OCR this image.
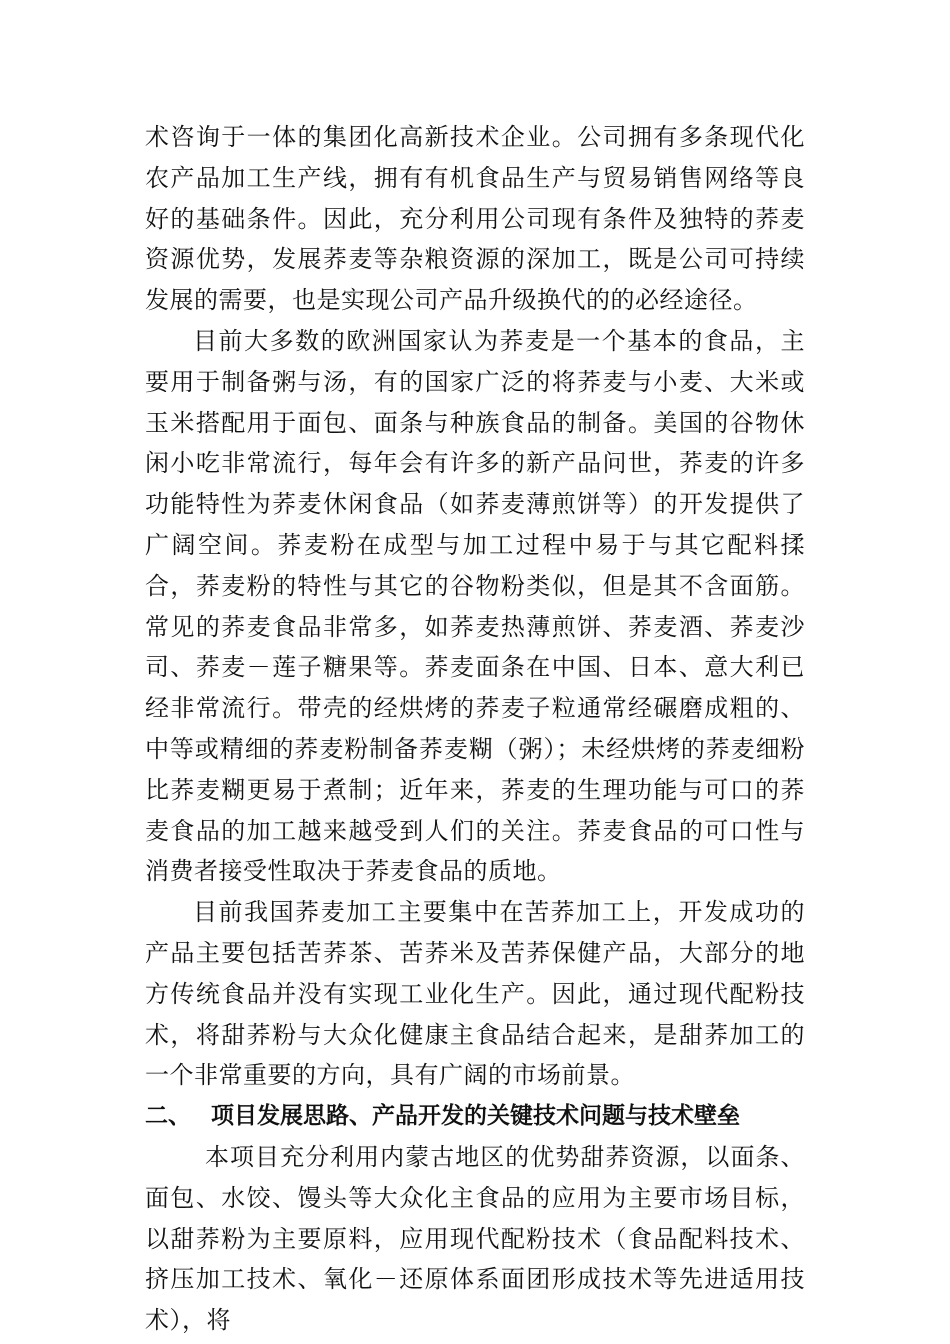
术咨询于一体的集团化高新技术企业。公司拥有多条现代化农产品加工生产线，拥有有机食品生产与贸易销售网络等良好的基础条件。因此，充分利用公司现有条件及独特的荞麦资源优势，发展荞麦等杂粮资源的深加工，既是公司可持续发展的需要，也是实现公司产品升级换代的的必经途径。

目前大多数的欧洲国家认为荞麦是一个基本的食品，主要用于制备粥与汤，有的国家广泛的将荞麦与小麦、大米或玉米搭配用于面包、面条与种族食品的制备。美国的谷物休闲小吃非常流行，每年会有许多的新产品问世，荞麦的许多功能特性为荞麦休闲食品（如荞麦薄煎饼等）的开发提供了广阔空间。荞麦粉在成型与加工过程中易于与其它配料揉合，荞麦粉的特性与其它的谷物粉类似，但是其不含面筋。常见的荞麦食品非常多，如荞麦热薄煎饼、荞麦酒、荞麦沙司、荞麦－莲子糖果等。荞麦面条在中国、日本、意大利已经非常流行。带壳的经烘烤的荞麦子粒通常经碾磨成粗的、中等或精细的荞麦粉制备荞麦糊（粥）；未经烘烤的荞麦细粉比荞麦糊更易于煮制；近年来，荞麦的生理功能与可口的荞麦食品的加工越来越受到人们的关注。荞麦食品的可口性与消费者接受性取决于荞麦食品的质地。

目前我国荞麦加工主要集中在苦荞加工上，开发成功的产品主要包括苦荞茶、苦荞米及苦荞保健产品，大部分的地方传统食品并没有实现工业化生产。因此，通过现代配粉技术，将甜荞粉与大众化健康主食品结合起来，是甜荞加工的一个非常重要的方向，具有广阔的市场前景。

二、 项目发展思路、产品开发的关键技术问题与技术壁垒

本项目充分利用内蒙古地区的优势甜荞资源，以面条、面包、水饺、馒头等大众化主食品的应用为主要市场目标，以甜荞粉为主要原料，应用现代配粉技术（食品配料技术、挤压加工技术、氧化－还原体系面团形成技术等先进适用技术），将
